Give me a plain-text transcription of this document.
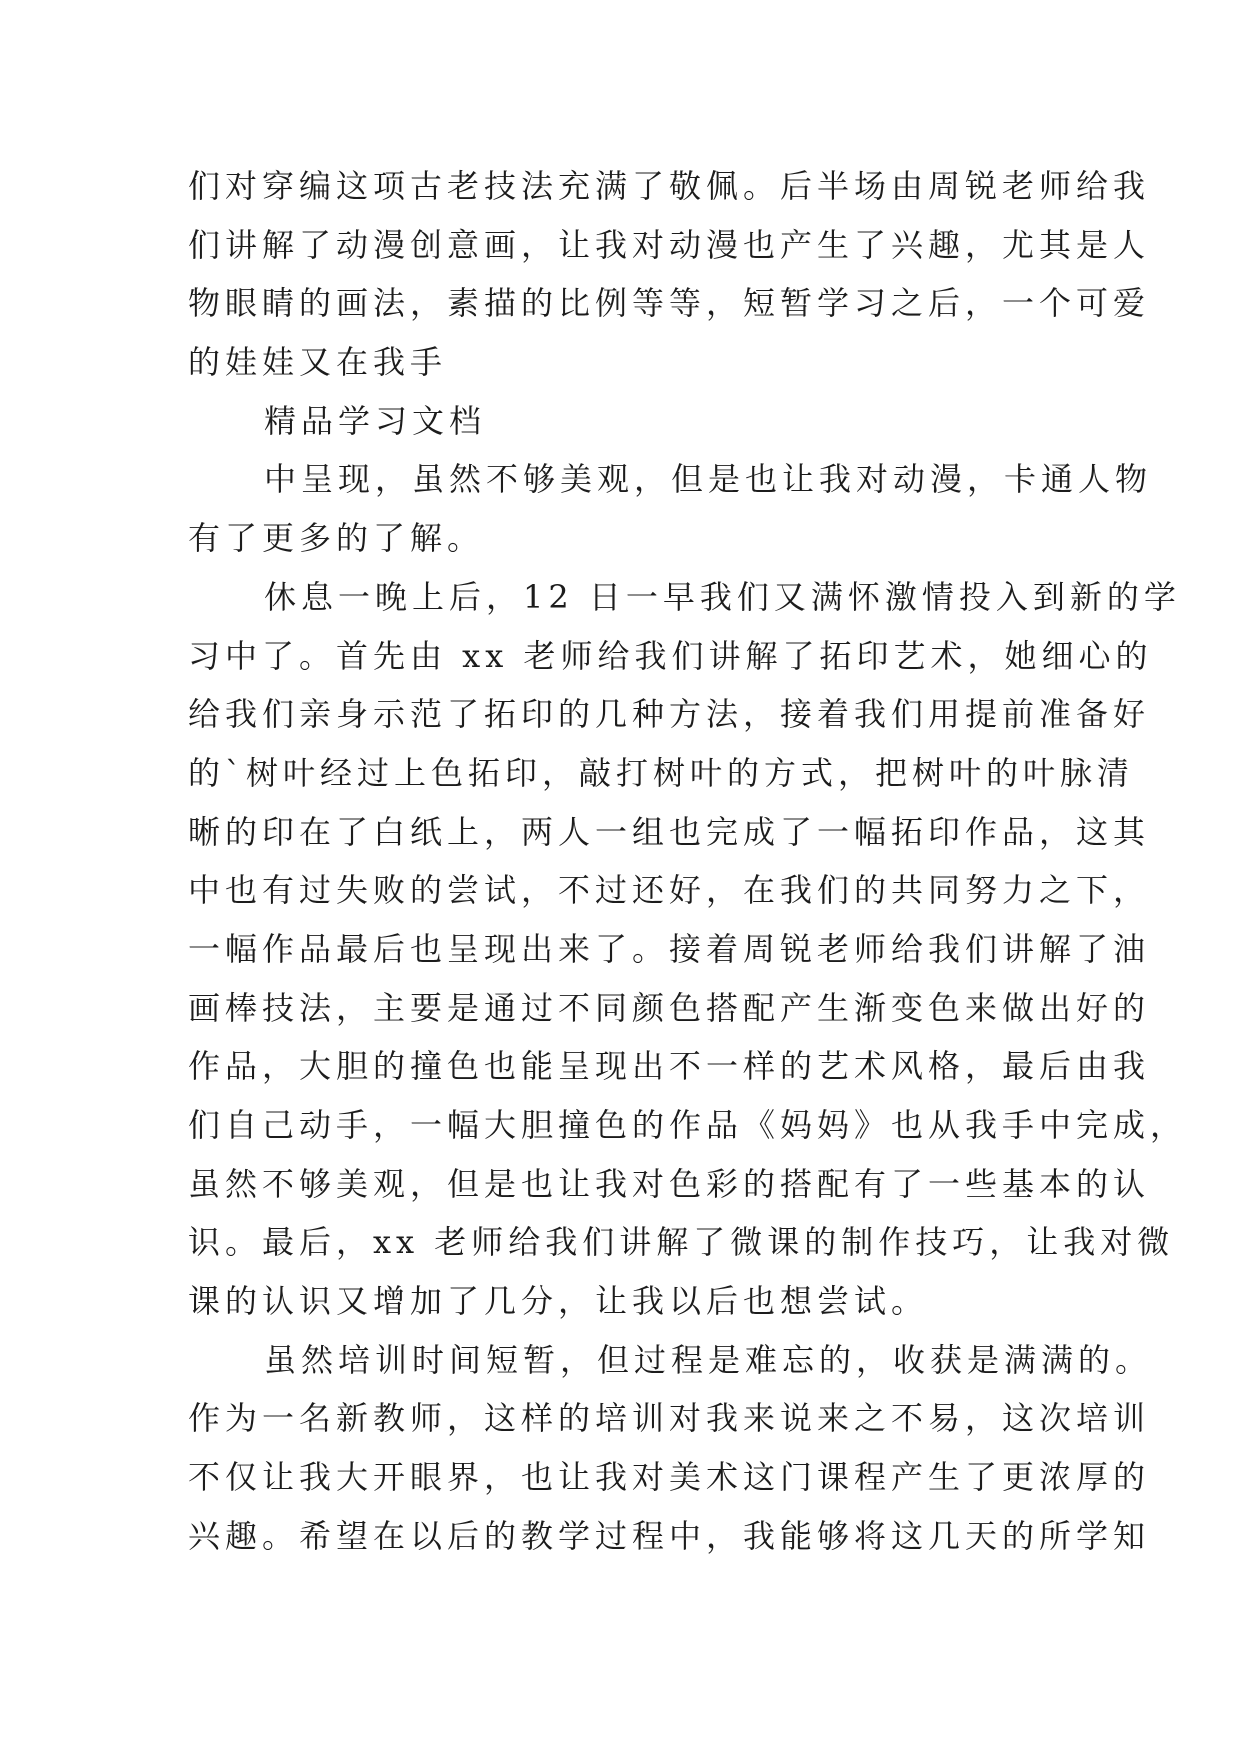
们对穿编这项古老技法充满了敬佩。后半场由周锐老师给我
们讲解了动漫创意画，让我对动漫也产生了兴趣，尤其是人
物眼睛的画法，素描的比例等等，短暂学习之后，一个可爱
的娃娃又在我手
精品学习文档
中呈现，虽然不够美观，但是也让我对动漫，卡通人物
有了更多的了解。
休息一晚上后，12 日一早我们又满怀激情投入到新的学
习中了。首先由 xx 老师给我们讲解了拓印艺术，她细心的
给我们亲身示范了拓印的几种方法，接着我们用提前准备好
的`树叶经过上色拓印，敲打树叶的方式，把树叶的叶脉清
晰的印在了白纸上，两人一组也完成了一幅拓印作品，这其
中也有过失败的尝试，不过还好，在我们的共同努力之下，
一幅作品最后也呈现出来了。接着周锐老师给我们讲解了油
画棒技法，主要是通过不同颜色搭配产生渐变色来做出好的
作品，大胆的撞色也能呈现出不一样的艺术风格，最后由我
们自己动手，一幅大胆撞色的作品《妈妈》也从我手中完成，
虽然不够美观，但是也让我对色彩的搭配有了一些基本的认
识。最后，xx 老师给我们讲解了微课的制作技巧，让我对微
课的认识又增加了几分，让我以后也想尝试。
虽然培训时间短暂，但过程是难忘的，收获是满满的。
作为一名新教师，这样的培训对我来说来之不易，这次培训
不仅让我大开眼界，也让我对美术这门课程产生了更浓厚的
兴趣。希望在以后的教学过程中，我能够将这几天的所学知
